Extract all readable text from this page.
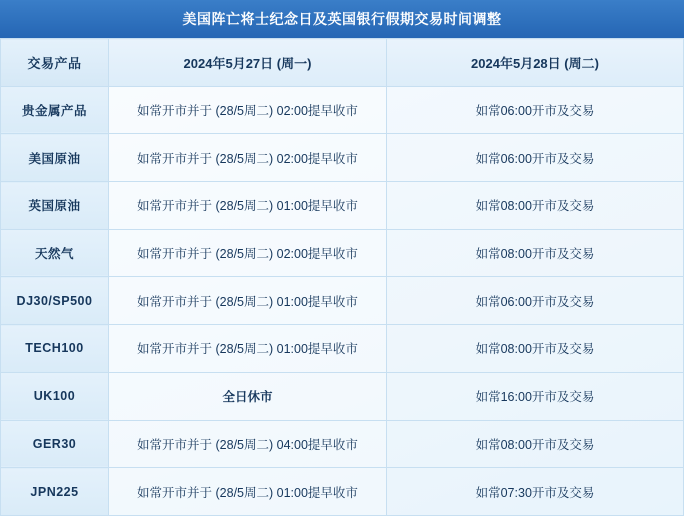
美国阵亡将士纪念日及英国银行假期交易时间调整
交易产品	2024年5月27日 (周一)	2024年5月28日 (周二)
贵金属产品	如常开市并于 (28/5周二) 02:00提早收市	如常06:00开市及交易
美国原油	如常开市并于 (28/5周二) 02:00提早收市	如常06:00开市及交易
英国原油	如常开市并于 (28/5周二) 01:00提早收市	如常08:00开市及交易
天然气	如常开市并于 (28/5周二) 02:00提早收市	如常08:00开市及交易
DJ30/SP500	如常开市并于 (28/5周二) 01:00提早收市	如常06:00开市及交易
TECH100	如常开市并于 (28/5周二) 01:00提早收市	如常08:00开市及交易
UK100	全日休市	如常16:00开市及交易
GER30	如常开市并于 (28/5周二) 04:00提早收市	如常08:00开市及交易
JPN225	如常开市并于 (28/5周二) 01:00提早收市	如常07:30开市及交易
